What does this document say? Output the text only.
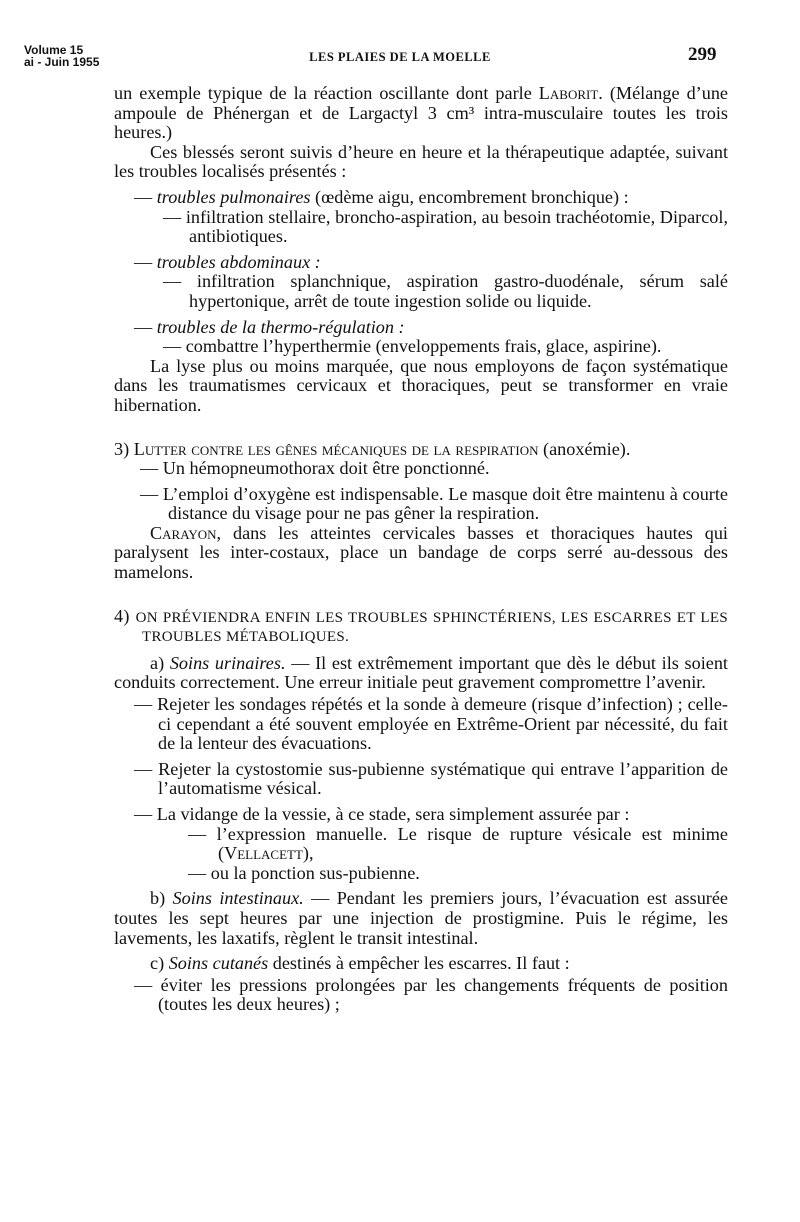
Volume 15
ai - Juin 1955	LES PLAIES DE LA MOELLE	299

un exemple typique de la réaction oscillante dont parle Laborit. (Mélange d’une ampoule de Phénergan et de Largactyl 3 cm³ intra-musculaire toutes les trois heures.)

Ces blessés seront suivis d’heure en heure et la thérapeutique adaptée, suivant les troubles localisés présentés :

— troubles pulmonaires (œdème aigu, encombrement bronchique) :

— infiltration stellaire, broncho-aspiration, au besoin trachéotomie, Diparcol, antibiotiques.

— troubles abdominaux :

— infiltration splanchnique, aspiration gastro-duodénale, sérum salé hypertonique, arrêt de toute ingestion solide ou liquide.

— troubles de la thermo-régulation :

— combattre l’hyperthermie (enveloppements frais, glace, aspirine).

La lyse plus ou moins marquée, que nous employons de façon systématique dans les traumatismes cervicaux et thoraciques, peut se transformer en vraie hibernation.

3) Lutter contre les gênes mécaniques de la respiration (anoxémie).

— Un hémopneumothorax doit être ponctionné.

— L’emploi d’oxygène est indispensable. Le masque doit être maintenu à courte distance du visage pour ne pas gêner la respiration.

Carayon, dans les atteintes cervicales basses et thoraciques hautes qui paralysent les inter-costaux, place un bandage de corps serré au-dessous des mamelons.

4) ON PRÉVIENDRA ENFIN LES TROUBLES SPHINCTÉRIENS, LES ESCARRES ET LES TROUBLES MÉTABOLIQUES.

a) Soins urinaires. — Il est extrêmement important que dès le début ils soient conduits correctement. Une erreur initiale peut gravement compromettre l’avenir.

— Rejeter les sondages répétés et la sonde à demeure (risque d’infection) ; celle-ci cependant a été souvent employée en Extrême-Orient par nécessité, du fait de la lenteur des évacuations.

— Rejeter la cystostomie sus-pubienne systématique qui entrave l’apparition de l’automatisme vésical.

— La vidange de la vessie, à ce stade, sera simplement assurée par :

— l’expression manuelle. Le risque de rupture vésicale est minime (Vellacett),

— ou la ponction sus-pubienne.

b) Soins intestinaux. — Pendant les premiers jours, l’évacuation est assurée toutes les sept heures par une injection de prostigmine. Puis le régime, les lavements, les laxatifs, règlent le transit intestinal.

c) Soins cutanés destinés à empêcher les escarres. Il faut :

— éviter les pressions prolongées par les changements fréquents de position (toutes les deux heures) ;
